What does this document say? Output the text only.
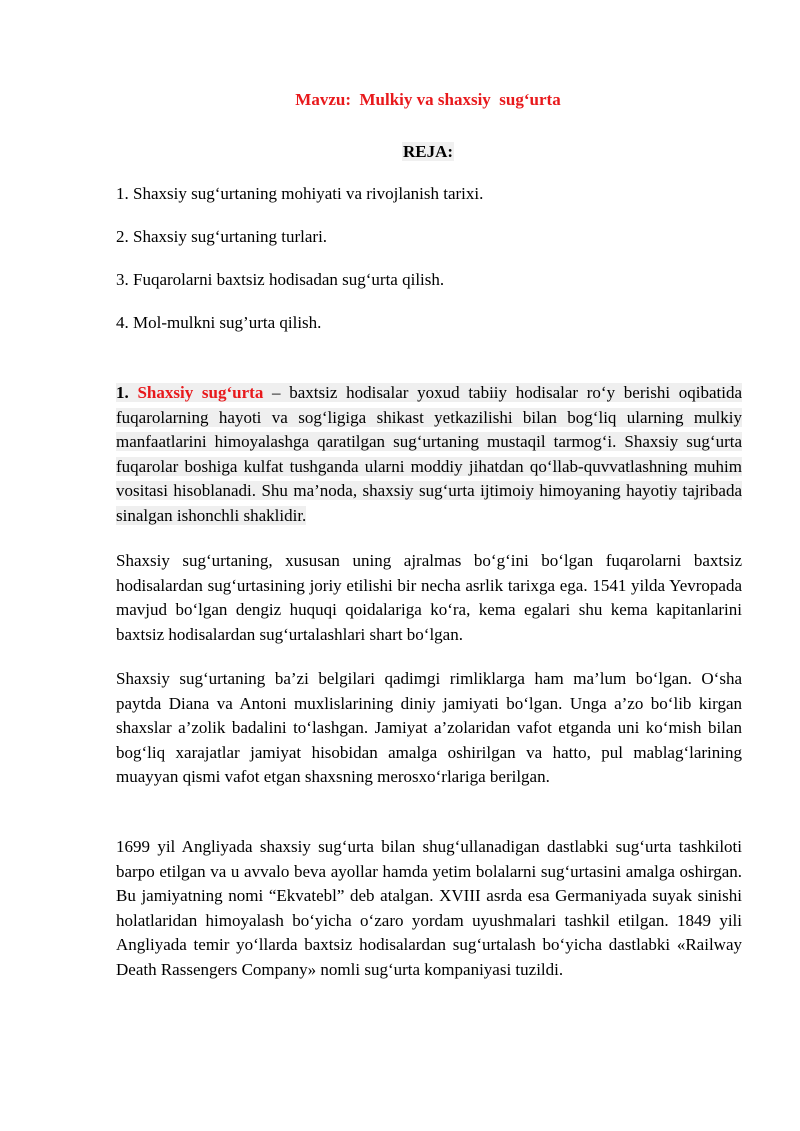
Mavzu:  Mulkiy va shaxsiy  sug‘urta
REJA:
1. Shaxsiy sug‘urtaning mohiyati va rivojlanish tarixi.
2. Shaxsiy sug‘urtaning turlari.
3. Fuqarolarni baxtsiz hodisadan sug‘urta qilish.
4. Mol-mulkni sug’urta qilish.

1. Shaxsiy sug‘urta – baxtsiz hodisalar yoxud tabiiy hodisalar ro‘y berishi oqibatida fuqarolarning hayoti va sog‘ligiga shikast yetkazilishi bilan bog‘liq ularning mulkiy manfaatlarini himoyalashga qaratilgan sug‘urtaning mustaqil tarmog‘i. Shaxsiy sug‘urta fuqarolar boshiga kulfat tushganda ularni moddiy jihatdan qo‘llab-quvvatlashning muhim vositasi hisoblanadi. Shu ma’noda, shaxsiy sug‘urta ijtimoiy himoyaning hayotiy tajribada sinalgan ishonchli shaklidir.

Shaxsiy sug‘urtaning, xususan uning ajralmas bo‘g‘ini bo‘lgan fuqarolarni baxtsiz hodisalardan sug‘urtasining joriy etilishi bir necha asrlik tarixga ega. 1541 yilda Yevropada mavjud bo‘lgan dengiz huquqi qoidalariga ko‘ra, kema egalari shu kema kapitanlarini baxtsiz hodisalardan sug‘urtalashlari shart bo‘lgan.

Shaxsiy sug‘urtaning ba’zi belgilari qadimgi rimliklarga ham ma’lum bo‘lgan. O‘sha paytda Diana va Antoni muxlislarining diniy jamiyati bo‘lgan. Unga a’zo bo‘lib kirgan shaxslar a’zolik badalini to‘lashgan. Jamiyat a’zolaridan vafot etganda uni ko‘mish bilan bog‘liq xarajatlar jamiyat hisobidan amalga oshirilgan va hatto, pul mablag‘larining muayyan qismi vafot etgan shaxsning merosxo‘rlariga berilgan.

1699 yil Angliyada shaxsiy sug‘urta bilan shug‘ullanadigan dastlabki sug‘urta tashkiloti barpo etilgan va u avvalo beva ayollar hamda yetim bolalarni sug‘urtasini amalga oshirgan. Bu jamiyatning nomi “Ekvatebl” deb atalgan. XVIII asrda esa Germaniyada suyak sinishi holatlaridan himoyalash bo‘yicha o‘zaro yordam uyushmalari tashkil etilgan. 1849 yili Angliyada temir yo‘llarda baxtsiz hodisalardan sug‘urtalash bo‘yicha dastlabki «Railway Death Rassengers Company» nomli sug‘urta kompaniyasi tuzildi.
